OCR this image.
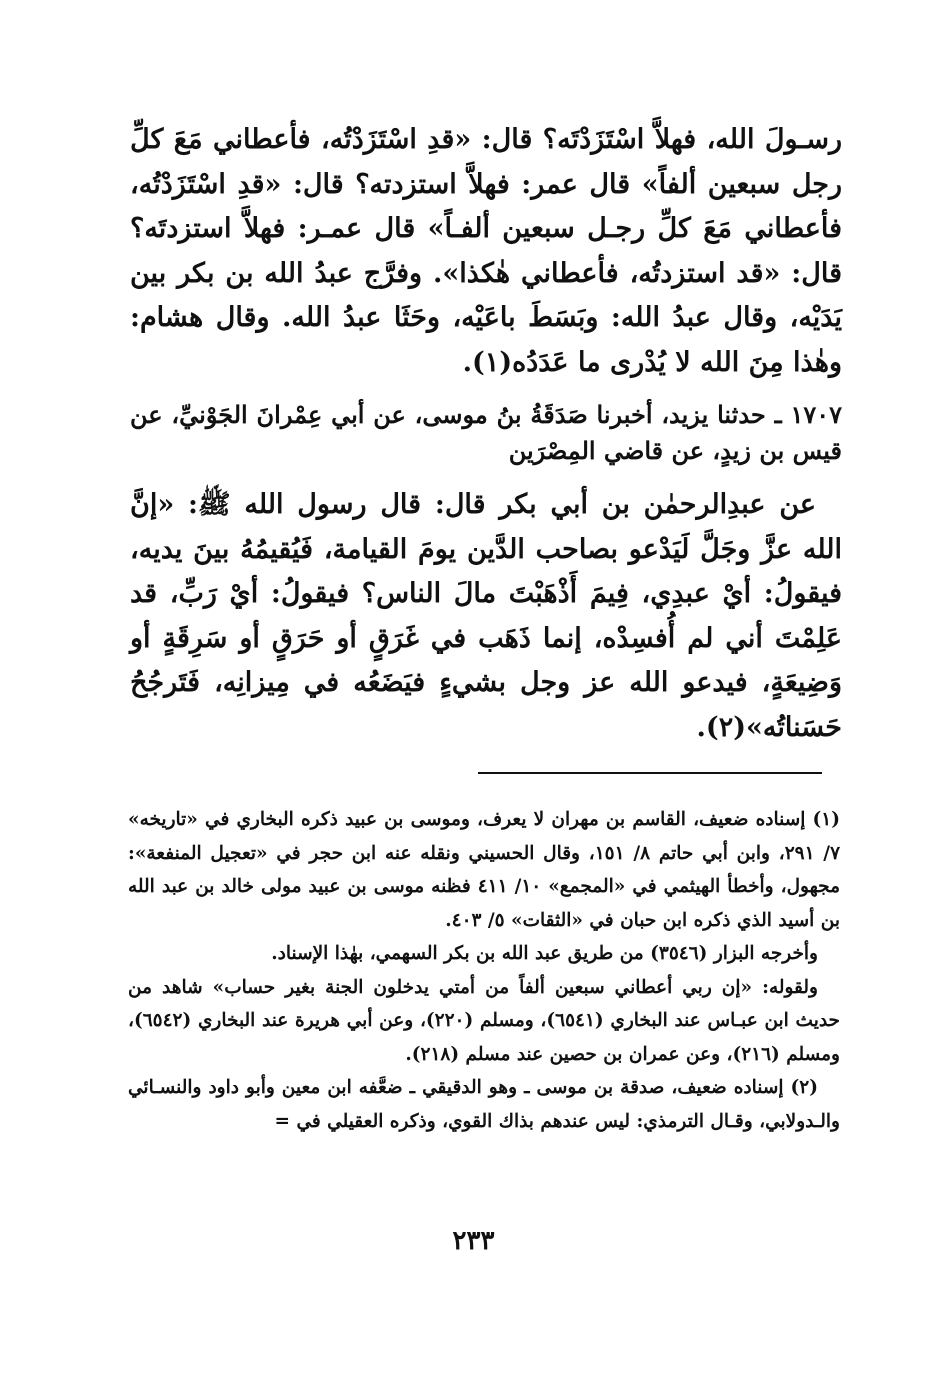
رسـولَ الله، فهلاَّ اسْتَزَدْتَه؟ قال: «قدِ اسْتَزَدْتُه، فأعطاني مَعَ كلِّ رجل سبعين ألفاً» قال عمر: فهلاَّ استزدته؟ قال: «قدِ اسْتَزَدْتُه، فأعطاني مَعَ كلِّ رجـل سبعين ألفـاً» قال عمـر: فهلاَّ استزدتَه؟ قال: «قد استزدتُه، فأعطاني هٰكذا». وفرَّج عبدُ الله بن بكر بين يَدَيْه، وقال عبدُ الله: وبَسَطَ باعَيْه، وحَثَا عبدُ الله. وقال هشام: وهٰذا مِنَ الله لا يُدْرى ما عَدَدُه(١).

١٧٠٧ ـ حدثنا يزيد، أخبرنا صَدَقَةُ بنُ موسى، عن أبي عِمْرانَ الجَوْنيِّ، عن قيس بن زيدٍ، عن قاضي المِصْرَين

عن عبدِالرحمٰن بن أبي بكر قال: قال رسول الله ﷺ: «إنَّ الله عزَّ وجَلَّ لَيَدْعو بصاحب الدَّين يومَ القيامة، فَيُقيمُهُ بينَ يديه، فيقولُ: أيْ عبدِي، فِيمَ أَذْهَبْتَ مالَ الناس؟ فيقولُ: أيْ رَبِّ، قد عَلِمْتَ أني لم أُفسِدْه، إنما ذَهَب في غَرَقٍ أو حَرَقٍ أو سَرِقَةٍ أو وَضِيعَةٍ، فيدعو الله عز وجل بشيءٍ فيَضَعُه في مِيزانِه، فَتَرجُحُ حَسَناتُه»(٢).

(١) إسناده ضعيف، القاسم بن مهران لا يعرف، وموسى بن عبيد ذكره البخاري في «تاريخه» ٧/ ٢٩١، وابن أبي حاتم ٨/ ١٥١، وقال الحسيني ونقله عنه ابن حجر في «تعجيل المنفعة»: مجهول، وأخطأ الهيثمي في «المجمع» ١٠/ ٤١١ فظنه موسى بن عبيد مولى خالد بن عبد الله بن أسيد الذي ذكره ابن حبان في «الثقات» ٥/ ٤٠٣.

وأخرجه البزار (٣٥٤٦) من طريق عبد الله بن بكر السهمي، بهٰذا الإسناد.

ولقوله: «إن ربي أعطاني سبعين ألفاً من أمتي يدخلون الجنة بغير حساب» شاهد من حديث ابن عبـاس عند البخاري (٦٥٤١)، ومسلم (٢٢٠)، وعن أبي هريرة عند البخاري (٦٥٤٢)، ومسلم (٢١٦)، وعن عمران بن حصين عند مسلم (٢١٨).

(٢) إسناده ضعيف، صدقة بن موسى ـ وهو الدقيقي ـ ضعَّفه ابن معين وأبو داود والنسـائي والـدولابي، وقـال الترمذي: ليس عندهم بذاك القوي، وذكره العقيلي في =

٢٣٣
